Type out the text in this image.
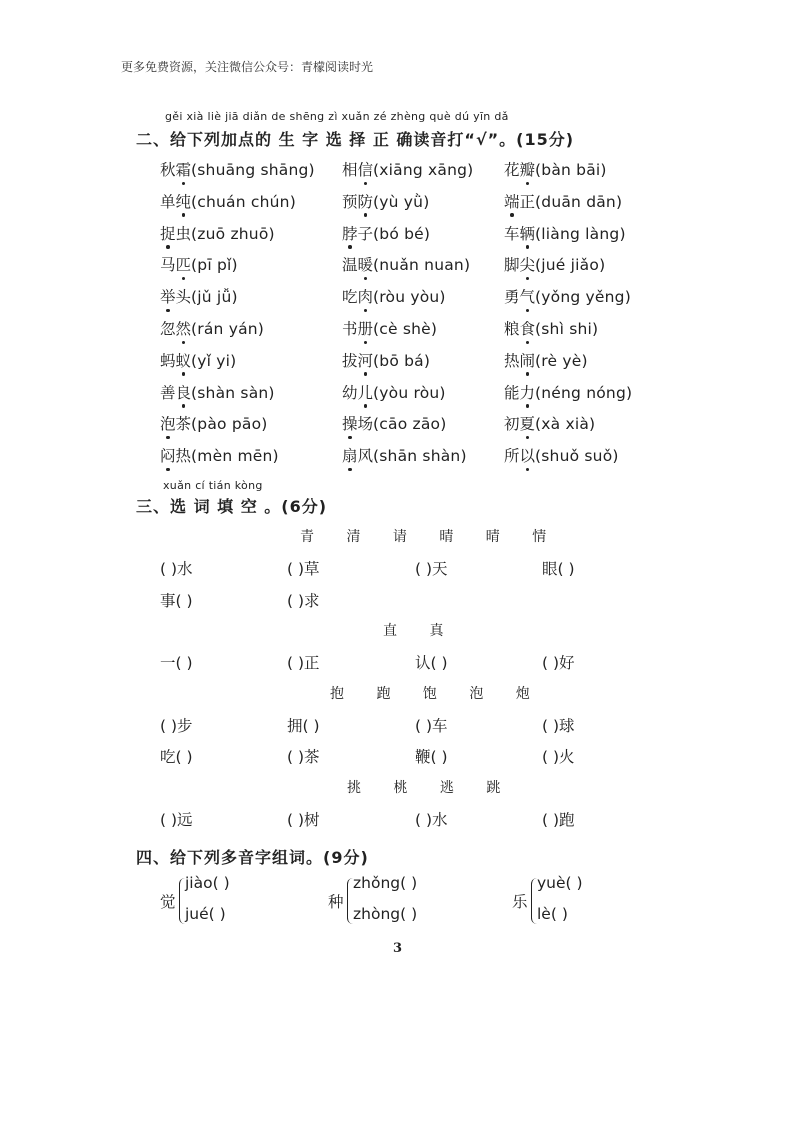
更多免费资源，关注微信公众号：青檬阅读时光
gěi xià liè jiā diǎn de shēng zì xuǎn zé zhèng què dú yīn dǎ
二、给下列加点的 生 字 选 择 正 确读音打“√”。(15分)
秋霜(shuāng shāng) 相信(xiāng xāng) 花瓣(bàn bāi)
单纯(chuán chún)	预防(yù yǜ)	端正(duān dān)
捉虫(zuō zhuō)	脖子(bó bé)	车辆(liàng làng)
马匹(pī pǐ)	温暖(nuǎn nuan) 脚尖(jué jiǎo)
举头(jǔ jǚ)	吃肉(ròu yòu)	勇气(yǒng yěng)
忽然(rán yán)	书册(cè shè)	粮食(shì shi)
蚂蚁(yǐ yi)	拔河(bō bá)	热闹(rè yè)
善良(shàn sàn)	幼儿(yòu ròu)	能力(néng nóng)
泡茶(pào pāo)	操场(cāo zāo)	初夏(xà xià)
闷热(mèn mēn)	扇风(shān shàn) 所以(shuǒ suǒ)
xuǎn cí tián kòng
三、选 词 填 空 。(6分)
青 清 请 晴 晴 情
( )水	( )草	( )天	眼( )
事( )	( )求
直 真
一( )	( )正	认( )	( )好
抱 跑 饱 泡 炮
( )步	拥( )	( )车	( )球
吃( )	( )茶	鞭( )	( )火
挑 桃 逃 跳
( )远	( )树	( )水	( )跑
四、给下列多音字组词。(9分)
觉
jiào( )
jué( )
种
zhǒng( )
zhòng( )
乐
yuè( )
lè( )
3
